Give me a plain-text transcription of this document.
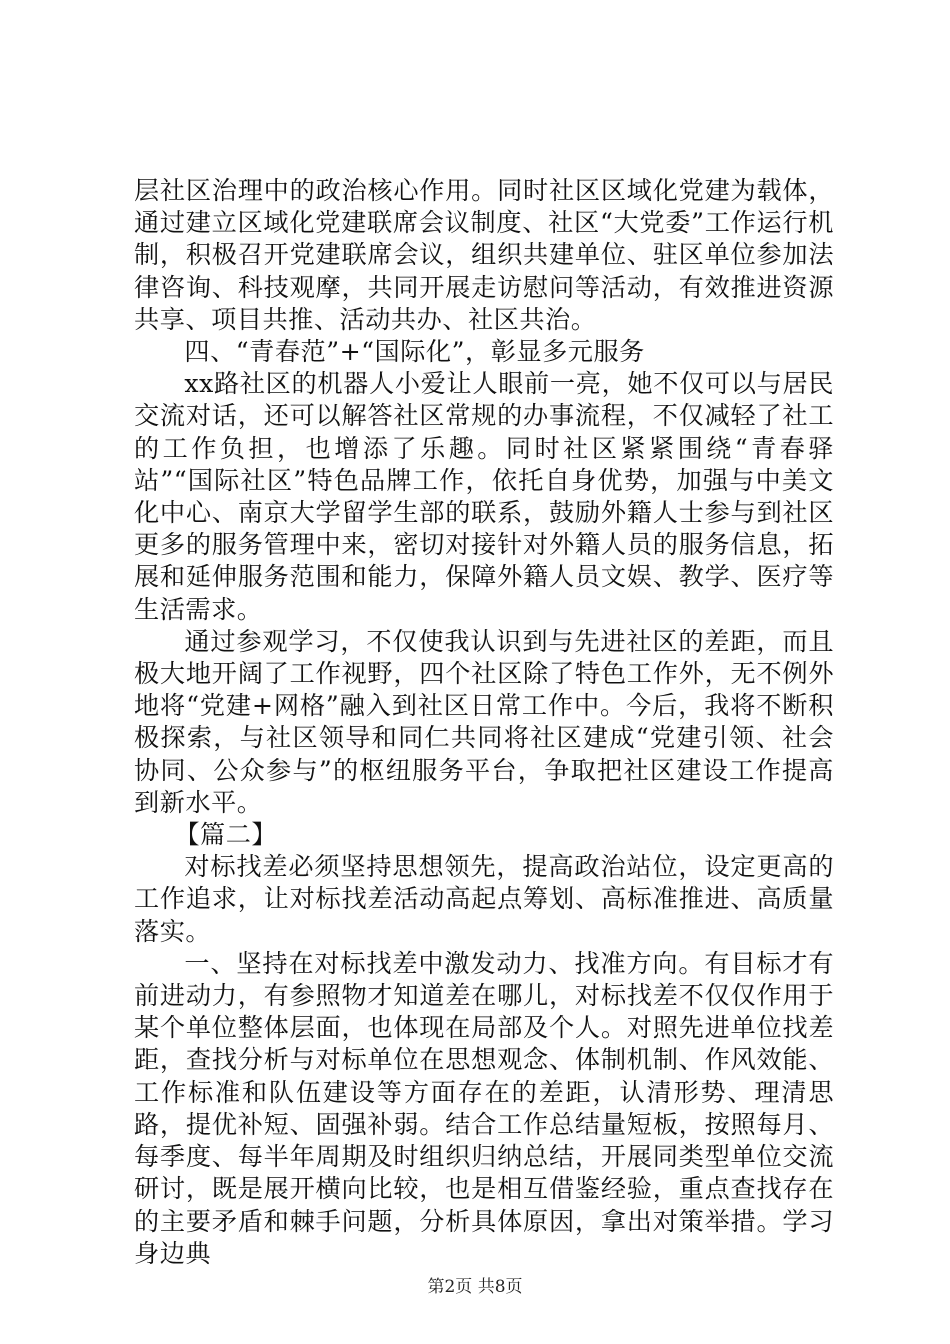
层社区治理中的政治核心作用。同时社区区域化党建为载体，通过建立区域化党建联席会议制度、社区“大党委”工作运行机制，积极召开党建联席会议，组织共建单位、驻区单位参加法律咨询、科技观摩，共同开展走访慰问等活动，有效推进资源共享、项目共推、活动共办、社区共治。

四、“青春范”+“国际化”，彰显多元服务

xx路社区的机器人小爱让人眼前一亮，她不仅可以与居民交流对话，还可以解答社区常规的办事流程，不仅减轻了社工的工作负担，也增添了乐趣。同时社区紧紧围绕“青春驿站”“国际社区”特色品牌工作，依托自身优势，加强与中美文化中心、南京大学留学生部的联系，鼓励外籍人士参与到社区更多的服务管理中来，密切对接针对外籍人员的服务信息，拓展和延伸服务范围和能力，保障外籍人员文娱、教学、医疗等生活需求。

通过参观学习，不仅使我认识到与先进社区的差距，而且极大地开阔了工作视野，四个社区除了特色工作外，无不例外地将“党建+网格”融入到社区日常工作中。今后，我将不断积极探索，与社区领导和同仁共同将社区建成“党建引领、社会协同、公众参与”的枢纽服务平台，争取把社区建设工作提高到新水平。

【篇二】

对标找差必须坚持思想领先，提高政治站位，设定更高的工作追求，让对标找差活动高起点筹划、高标准推进、高质量落实。

一、坚持在对标找差中激发动力、找准方向。有目标才有前进动力，有参照物才知道差在哪儿，对标找差不仅仅作用于某个单位整体层面，也体现在局部及个人。对照先进单位找差距，查找分析与对标单位在思想观念、体制机制、作风效能、工作标准和队伍建设等方面存在的差距，认清形势、理清思路，提优补短、固强补弱。结合工作总结量短板，按照每月、每季度、每半年周期及时组织归纳总结，开展同类型单位交流研讨，既是展开横向比较，也是相互借鉴经验，重点查找存在的主要矛盾和棘手问题，分析具体原因，拿出对策举措。学习身边典

第2页 共8页
